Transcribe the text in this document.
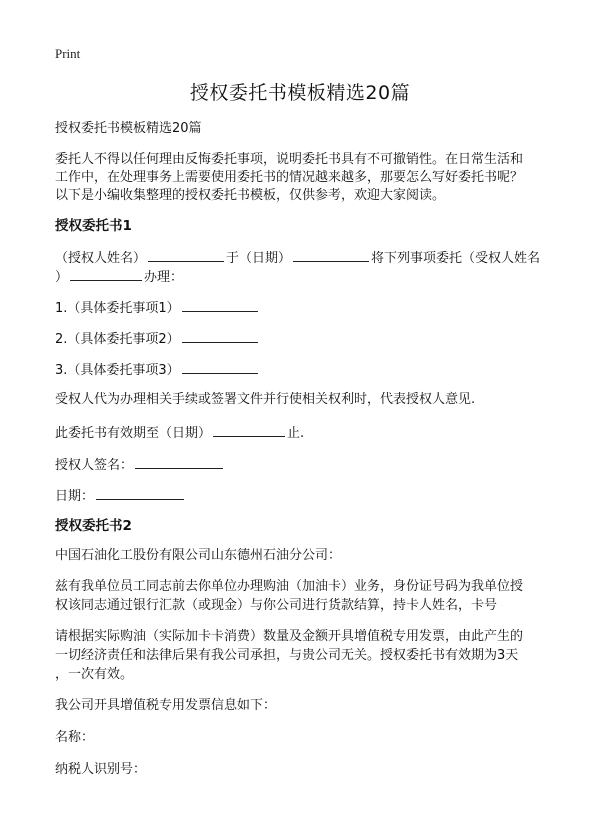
Print
授权委托书模板精选20篇

授权委托书模板精选20篇

委托人不得以任何理由反悔委托事项，说明委托书具有不可撤销性。在日常生活和

工作中，在处理事务上需要使用委托书的情况越来越多，那要怎么写好委托书呢？

以下是小编收集整理的授权委托书模板，仅供参考，欢迎大家阅读。

授权委托书1

（授权人姓名）	于（日期）	将下列事项委托（受权人姓名

）	办理：

1.（具体委托事项1）

2.（具体委托事项2）

3.（具体委托事项3）

受权人代为办理相关手续或签署文件并行使相关权利时，代表授权人意见.

此委托书有效期至（日期）	止.

授权人签名：

日期：

授权委托书2

中国石油化工股份有限公司山东德州石油分公司：

兹有我单位员工同志前去你单位办理购油（加油卡）业务，身份证号码为我单位授

权该同志通过银行汇款（或现金）与你公司进行货款结算，持卡人姓名，卡号

请根据实际购油（实际加卡卡消费）数量及金额开具增值税专用发票，由此产生的

一切经济责任和法律后果有我公司承担，与贵公司无关。授权委托书有效期为3天

，一次有效。

我公司开具增值税专用发票信息如下：

名称：

纳税人识别号：
